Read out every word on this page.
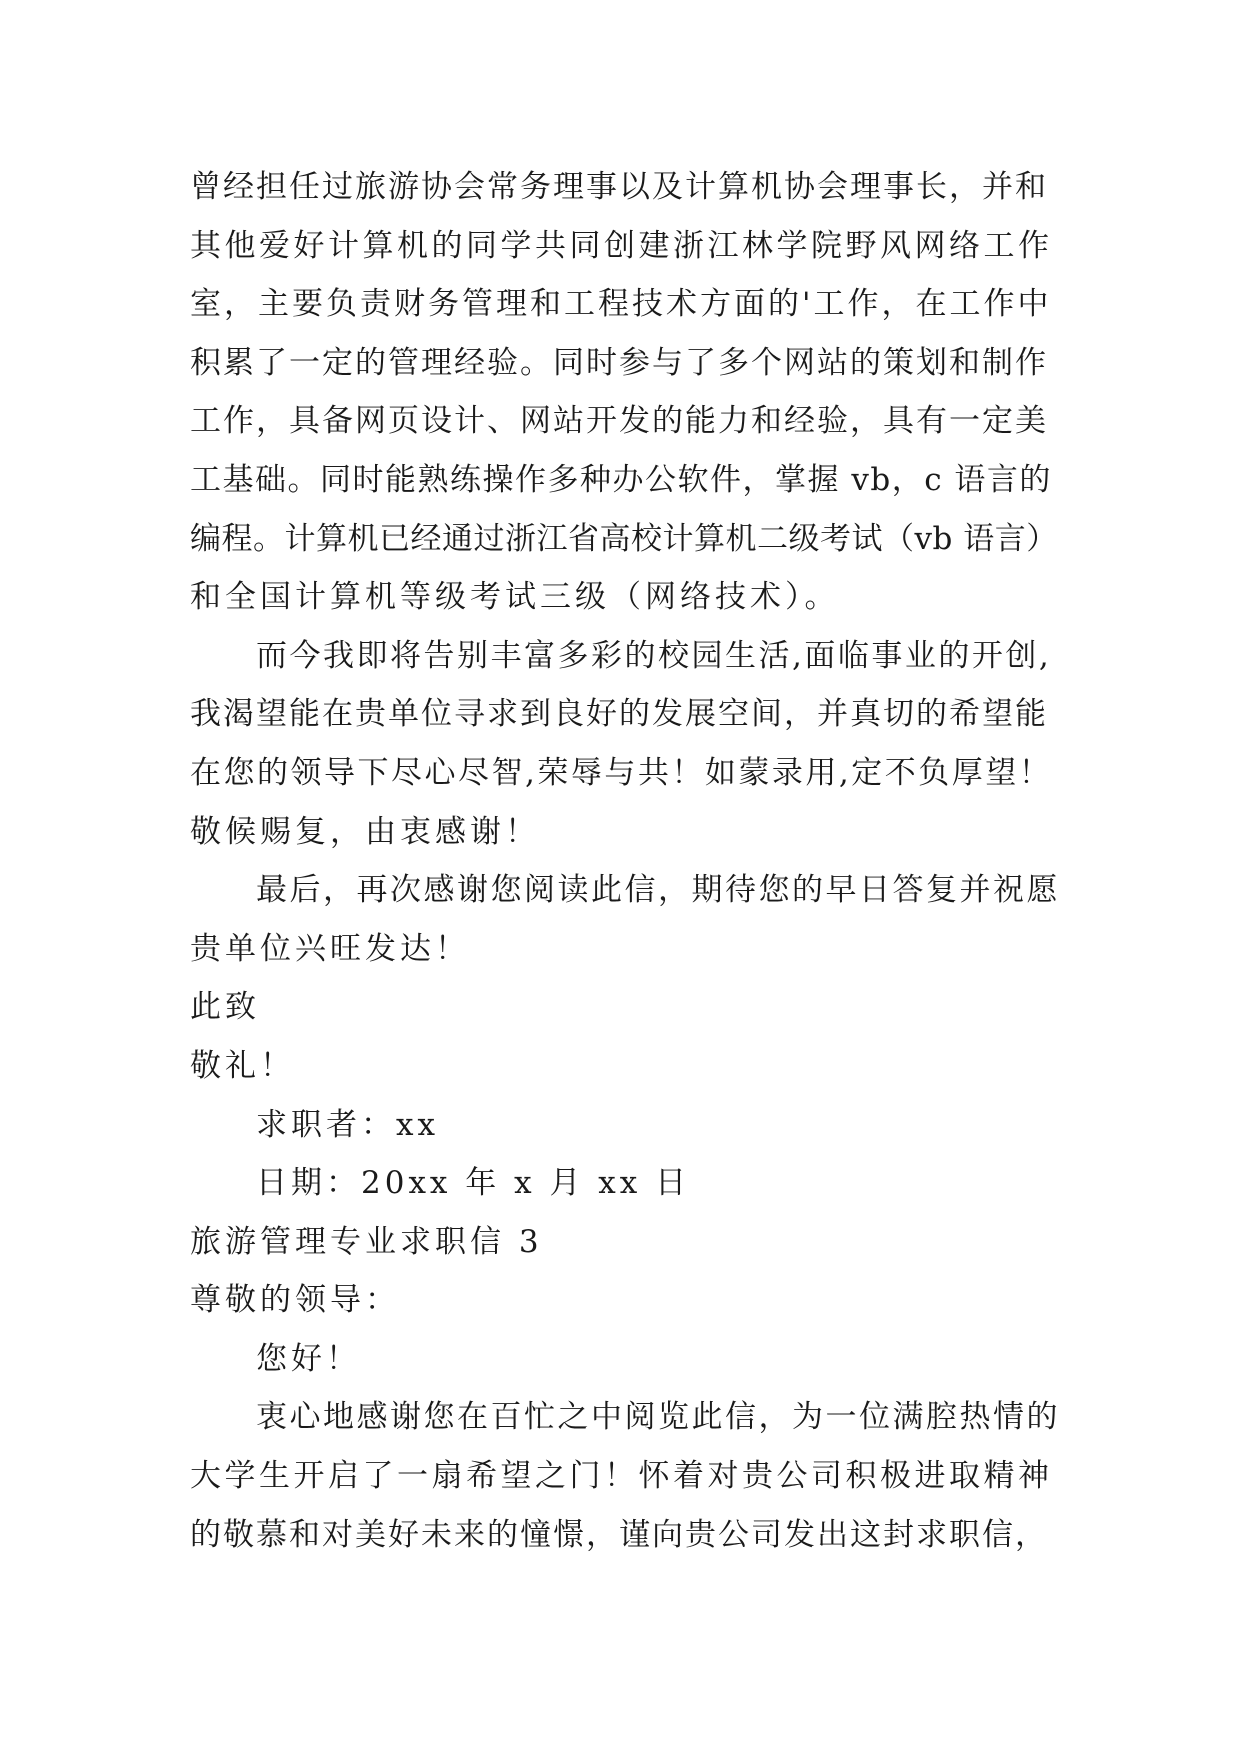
曾经担任过旅游协会常务理事以及计算机协会理事长，并和
其他爱好计算机的同学共同创建浙江林学院野风网络工作
室，主要负责财务管理和工程技术方面的'工作，在工作中
积累了一定的管理经验。同时参与了多个网站的策划和制作
工作，具备网页设计、网站开发的能力和经验，具有一定美
工基础。同时能熟练操作多种办公软件，掌握 vb，c 语言的
编程。计算机已经通过浙江省高校计算机二级考试（vb 语言）
和全国计算机等级考试三级（网络技术）。
而今我即将告别丰富多彩的校园生活,面临事业的开创,
我渴望能在贵单位寻求到良好的发展空间，并真切的希望能
在您的领导下尽心尽智,荣辱与共！如蒙录用,定不负厚望！
敬候赐复，由衷感谢！
最后，再次感谢您阅读此信，期待您的早日答复并祝愿
贵单位兴旺发达！
此致
敬礼！
求职者：xx
日期：20xx 年 x 月 xx 日
旅游管理专业求职信 3
尊敬的领导：
您好！
衷心地感谢您在百忙之中阅览此信，为一位满腔热情的
大学生开启了一扇希望之门！怀着对贵公司积极进取精神
的敬慕和对美好未来的憧憬，谨向贵公司发出这封求职信，
